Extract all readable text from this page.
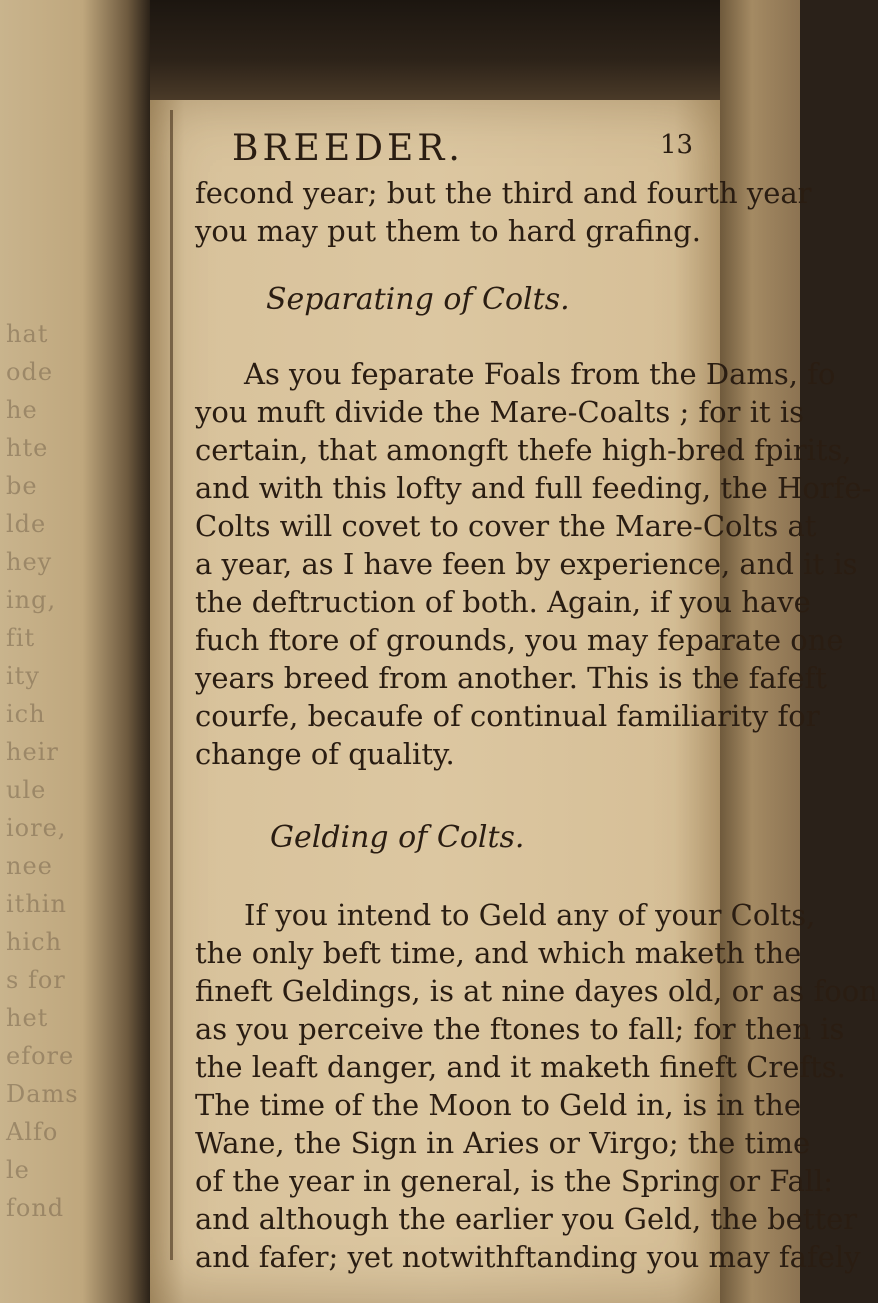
hat
ode
he
hte
be
lde
hey
ing,
fit
ity
ich
heir
ule
iore,
nee
ithin
hich
s for
het
efore
Dams
Alfo
le
fond
BREEDER.	13
fecond year; but the third and fourth year
you may put them to hard grafing.
Separating of Colts.
As you feparate Foals from the Dams, fo
you muft divide the Mare-Coalts ; for it is
certain, that amongft thefe high-bred fpirits,
and with this lofty and full feeding, the Horfe-
Colts will covet to cover the Mare-Colts at
a year, as I have feen by experience, and it is
the deftruction of both. Again, if you have
fuch ftore of grounds, you may feparate one
years breed from another. This is the fafeft
courfe, becaufe of continual familiarity for
change of quality.
Gelding of Colts.
If you intend to Geld any of your Colts,
the only beft time, and which maketh the
fineft Geldings, is at nine dayes old, or as foon
as you perceive the ftones to fall; for then is
the leaft danger, and it maketh fineft Crefts.
The time of the Moon to Geld in, is in the
Wane, the Sign in Aries or Virgo; the time
of the year in general, is the Spring or Fall:
and although the earlier you Geld, the better
and fafer; yet notwithftanding you may fafely
